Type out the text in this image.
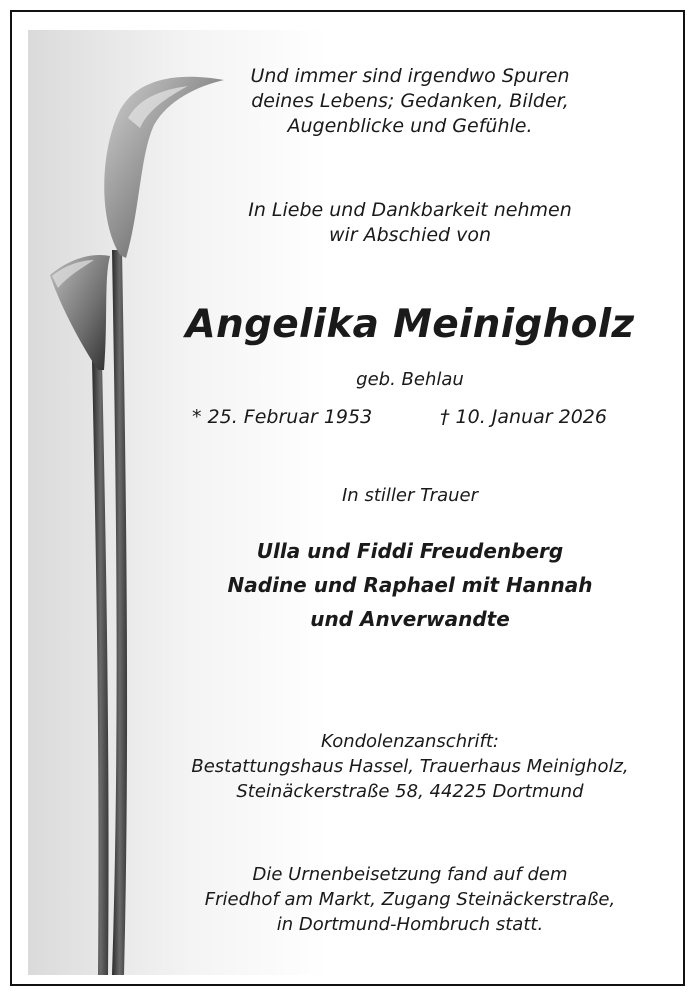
Und immer sind irgendwo Spuren
deines Lebens; Gedanken, Bilder,
Augenblicke und Gefühle.
In Liebe und Dankbarkeit nehmen
wir Abschied von
Angelika Meinigholz
geb. Behlau
* 25. Februar 1953	† 10. Januar 2026
In stiller Trauer
Ulla und Fiddi Freudenberg
Nadine und Raphael mit Hannah
und Anverwandte
Kondolenzanschrift:
Bestattungshaus Hassel, Trauerhaus Meinigholz,
Steinäckerstraße 58, 44225 Dortmund
Die Urnenbeisetzung fand auf dem
Friedhof am Markt, Zugang Steinäckerstraße,
in Dortmund-Hombruch statt.
